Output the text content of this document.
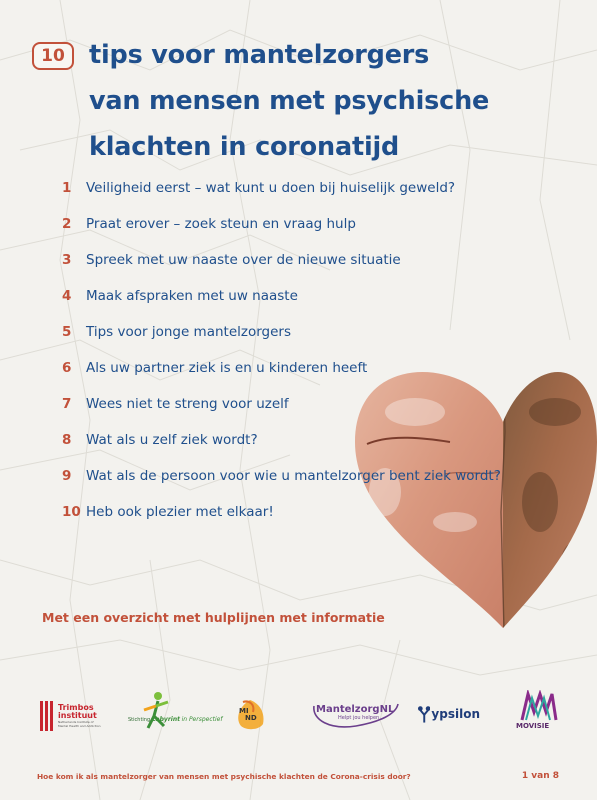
10 tips voor mantelzorgers
van mensen met psychische
klachten in coronatijd
1	Veiligheid eerst – wat kunt u doen bij huiselijk geweld?
2	Praat erover – zoek steun en vraag hulp
3	Spreek met uw naaste over de nieuwe situatie
4	Maak afspraken met uw naaste
5	Tips voor jonge mantelzorgers
6	Als uw partner ziek is en u kinderen heeft
7	Wees niet te streng voor uzelf
8	Wat als u zelf ziek wordt?
9	Wat als de persoon voor wie u mantelzorger bent ziek wordt?
10 Heb ook plezier met elkaar!
Met een overzicht met hulplijnen met informatie
Trimbos
instituut
Netherlands Institute of
Mental Health and Addiction
Stichting Labyrint in Perspectief
MI
ND
MantelzorgNL
Helpt jou helpen	ypsilon
MOVISIE
Hoe kom ik als mantelzorger van mensen met psychische klachten de Corona-crisis door?	1 van 8
